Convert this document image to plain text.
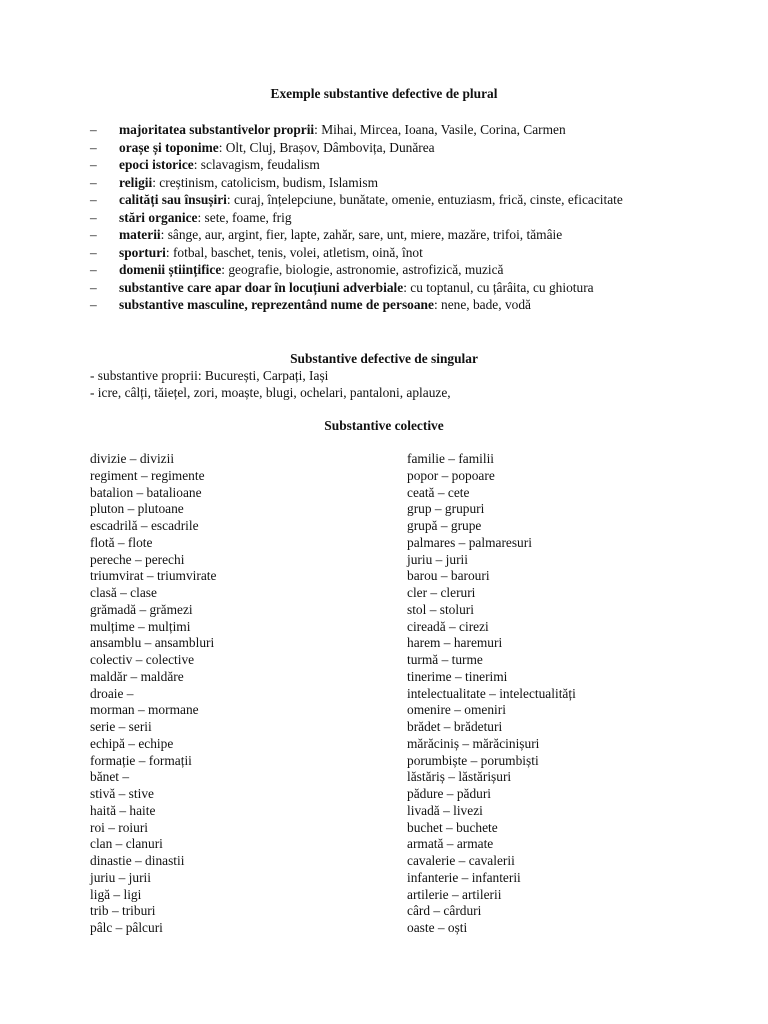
Exemple substantive defective de plural
–	majoritatea substantivelor proprii: Mihai, Mircea, Ioana, Vasile, Corina, Carmen
–	orașe și toponime: Olt, Cluj, Brașov, Dâmbovița, Dunărea
–	epoci istorice: sclavagism, feudalism
–	religii: creștinism, catolicism, budism, Islamism
– calități sau însușiri: curaj, înțelepciune, bunătate, omenie, entuziasm, frică, cinste, eficacitate
–	stări organice: sete, foame, frig
–	materii: sânge, aur, argint, fier, lapte, zahăr, sare, unt, miere, mazăre, trifoi, tămâie
–	sporturi: fotbal, baschet, tenis, volei, atletism, oină, înot
–	domenii științifice: geografie, biologie, astronomie, astrofizică, muzică
–	substantive care apar doar în locuțiuni adverbiale: cu toptanul, cu țârâita, cu ghiotura
–	substantive masculine, reprezentând nume de persoane: nene, bade, vodă
Substantive defective de singular
- substantive proprii: București, Carpați, Iași
- icre, câlți, tăiețel, zori, moaște, blugi, ochelari, pantaloni, aplauze,
Substantive colective
divizie – divizii
regiment – regimente
batalion – batalioane
pluton – plutoane
escadrilă – escadrile
flotă – flote
pereche – perechi
triumvirat – triumvirate
clasă – clase
grămadă – grămezi
mulțime – mulțimi
ansamblu – ansambluri
colectiv – colective
maldăr – maldăre
droaie –
morman – mormane
serie – serii
echipă – echipe
formație – formații
bănet –
stivă – stive
haită – haite
roi – roiuri
clan – clanuri
dinastie – dinastii
juriu – jurii
ligă – ligi
trib – triburi
pâlc – pâlcuri
familie – familii
popor – popoare
ceată – cete
grup – grupuri
grupă – grupe
palmares – palmaresuri
juriu – jurii
barou – barouri
cler – cleruri
stol – stoluri
cireadă – cirezi
harem – haremuri
turmă – turme
tinerime – tinerimi
intelectualitate – intelectualități
omenire – omeniri
brădet – brădeturi
mărăciniș – mărăcinișuri
porumbiște – porumbiști
lăstăriș – lăstărișuri
pădure – păduri
livadă – livezi
buchet – buchete
armată – armate
cavalerie – cavalerii
infanterie – infanterii
artilerie – artilerii
cârd – cârduri
oaste – oști
